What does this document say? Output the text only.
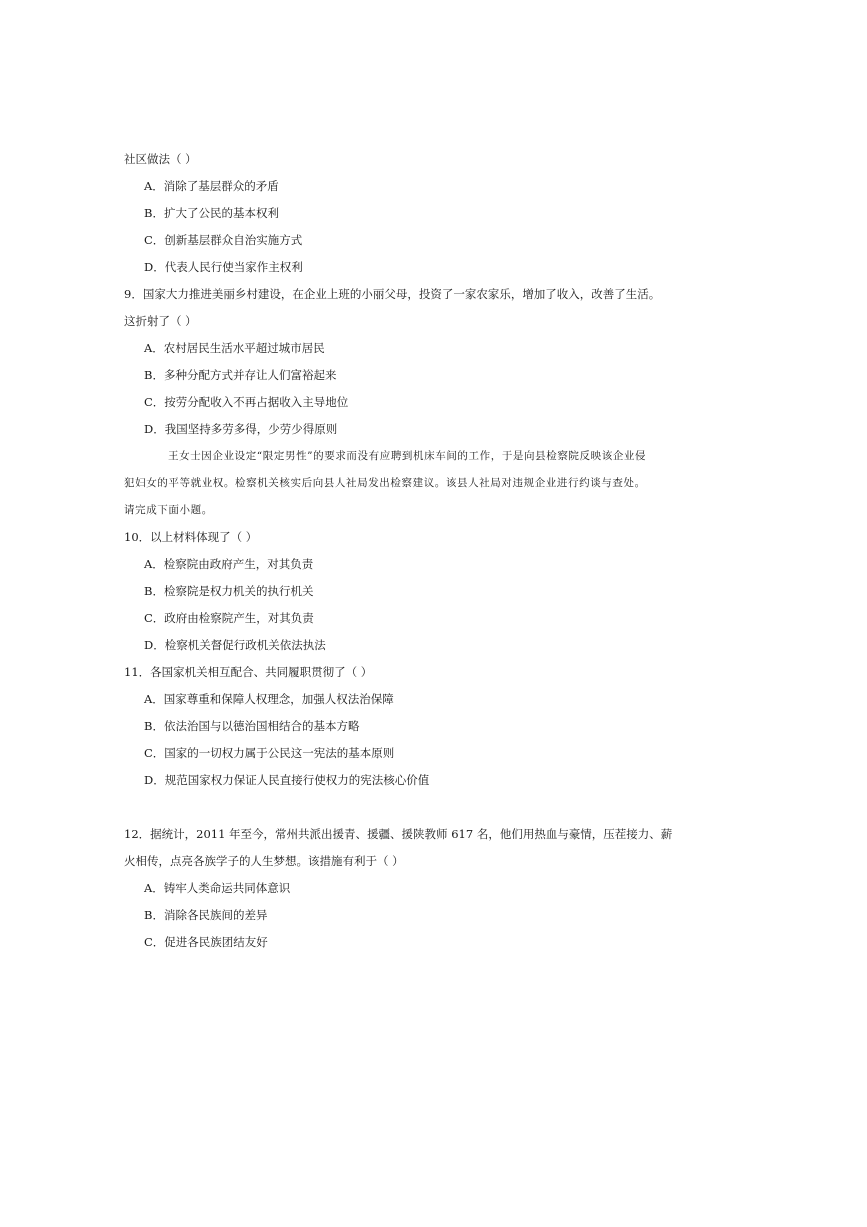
社区做法（ ）
A．消除了基层群众的矛盾
B．扩大了公民的基本权利
C．创新基层群众自治实施方式
D．代表人民行使当家作主权利
9．国家大力推进美丽乡村建设，在企业上班的小丽父母，投资了一家农家乐，增加了收入，改善了生活。
这折射了（ ）
A．农村居民生活水平超过城市居民
B．多种分配方式并存让人们富裕起来
C．按劳分配收入不再占据收入主导地位
D．我国坚持多劳多得，少劳少得原则
王女士因企业设定“限定男性”的要求而没有应聘到机床车间的工作，于是向县检察院反映该企业侵
犯妇女的平等就业权。检察机关核实后向县人社局发出检察建议。该县人社局对违规企业进行约谈与查处。
请完成下面小题。
10．以上材料体现了（ ）
A．检察院由政府产生，对其负责
B．检察院是权力机关的执行机关
C．政府由检察院产生，对其负责
D．检察机关督促行政机关依法执法
11．各国家机关相互配合、共同履职贯彻了（ ）
A．国家尊重和保障人权理念，加强人权法治保障
B．依法治国与以德治国相结合的基本方略
C．国家的一切权力属于公民这一宪法的基本原则
D．规范国家权力保证人民直接行使权力的宪法核心价值
12．据统计，2011 年至今，常州共派出援青、援疆、援陕教师 617 名，他们用热血与豪情，压茬接力、薪
火相传，点亮各族学子的人生梦想。该措施有利于（ ）
A．铸牢人类命运共同体意识
B．消除各民族间的差异
C．促进各民族团结友好
